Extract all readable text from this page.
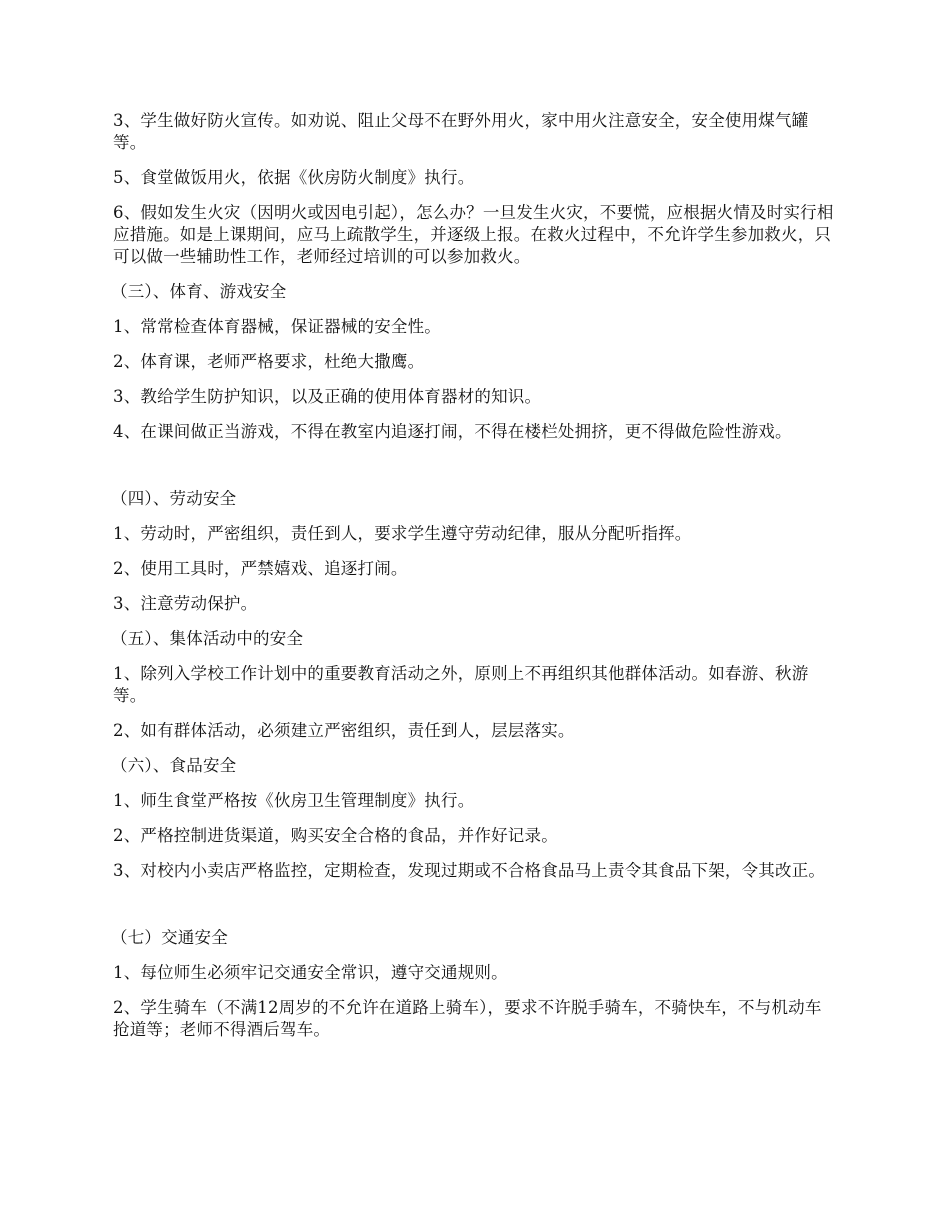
3、学生做好防火宣传。如劝说、阻止父母不在野外用火，家中用火注意安全，安全使用煤气罐等。

5、食堂做饭用火，依据《伙房防火制度》执行。

6、假如发生火灾（因明火或因电引起），怎么办？一旦发生火灾，不要慌，应根据火情及时实行相应措施。如是上课期间，应马上疏散学生，并逐级上报。在救火过程中，不允许学生参加救火，只可以做一些辅助性工作，老师经过培训的可以参加救火。

（三）、体育、游戏安全

1、常常检查体育器械，保证器械的安全性。

2、体育课，老师严格要求，杜绝大撒鹰。

3、教给学生防护知识，以及正确的使用体育器材的知识。

4、在课间做正当游戏，不得在教室内追逐打闹，不得在楼栏处拥挤，更不得做危险性游戏。

（四）、劳动安全

1、劳动时，严密组织，责任到人，要求学生遵守劳动纪律，服从分配听指挥。

2、使用工具时，严禁嬉戏、追逐打闹。

3、注意劳动保护。

（五）、集体活动中的安全

1、除列入学校工作计划中的重要教育活动之外，原则上不再组织其他群体活动。如春游、秋游等。

2、如有群体活动，必须建立严密组织，责任到人，层层落实。

（六）、食品安全

1、师生食堂严格按《伙房卫生管理制度》执行。

2、严格控制进货渠道，购买安全合格的食品，并作好记录。

3、对校内小卖店严格监控，定期检查，发现过期或不合格食品马上责令其食品下架，令其改正。

（七）交通安全

1、每位师生必须牢记交通安全常识，遵守交通规则。

2、学生骑车（不满12周岁的不允许在道路上骑车），要求不许脱手骑车，不骑快车，不与机动车抢道等；老师不得酒后驾车。
